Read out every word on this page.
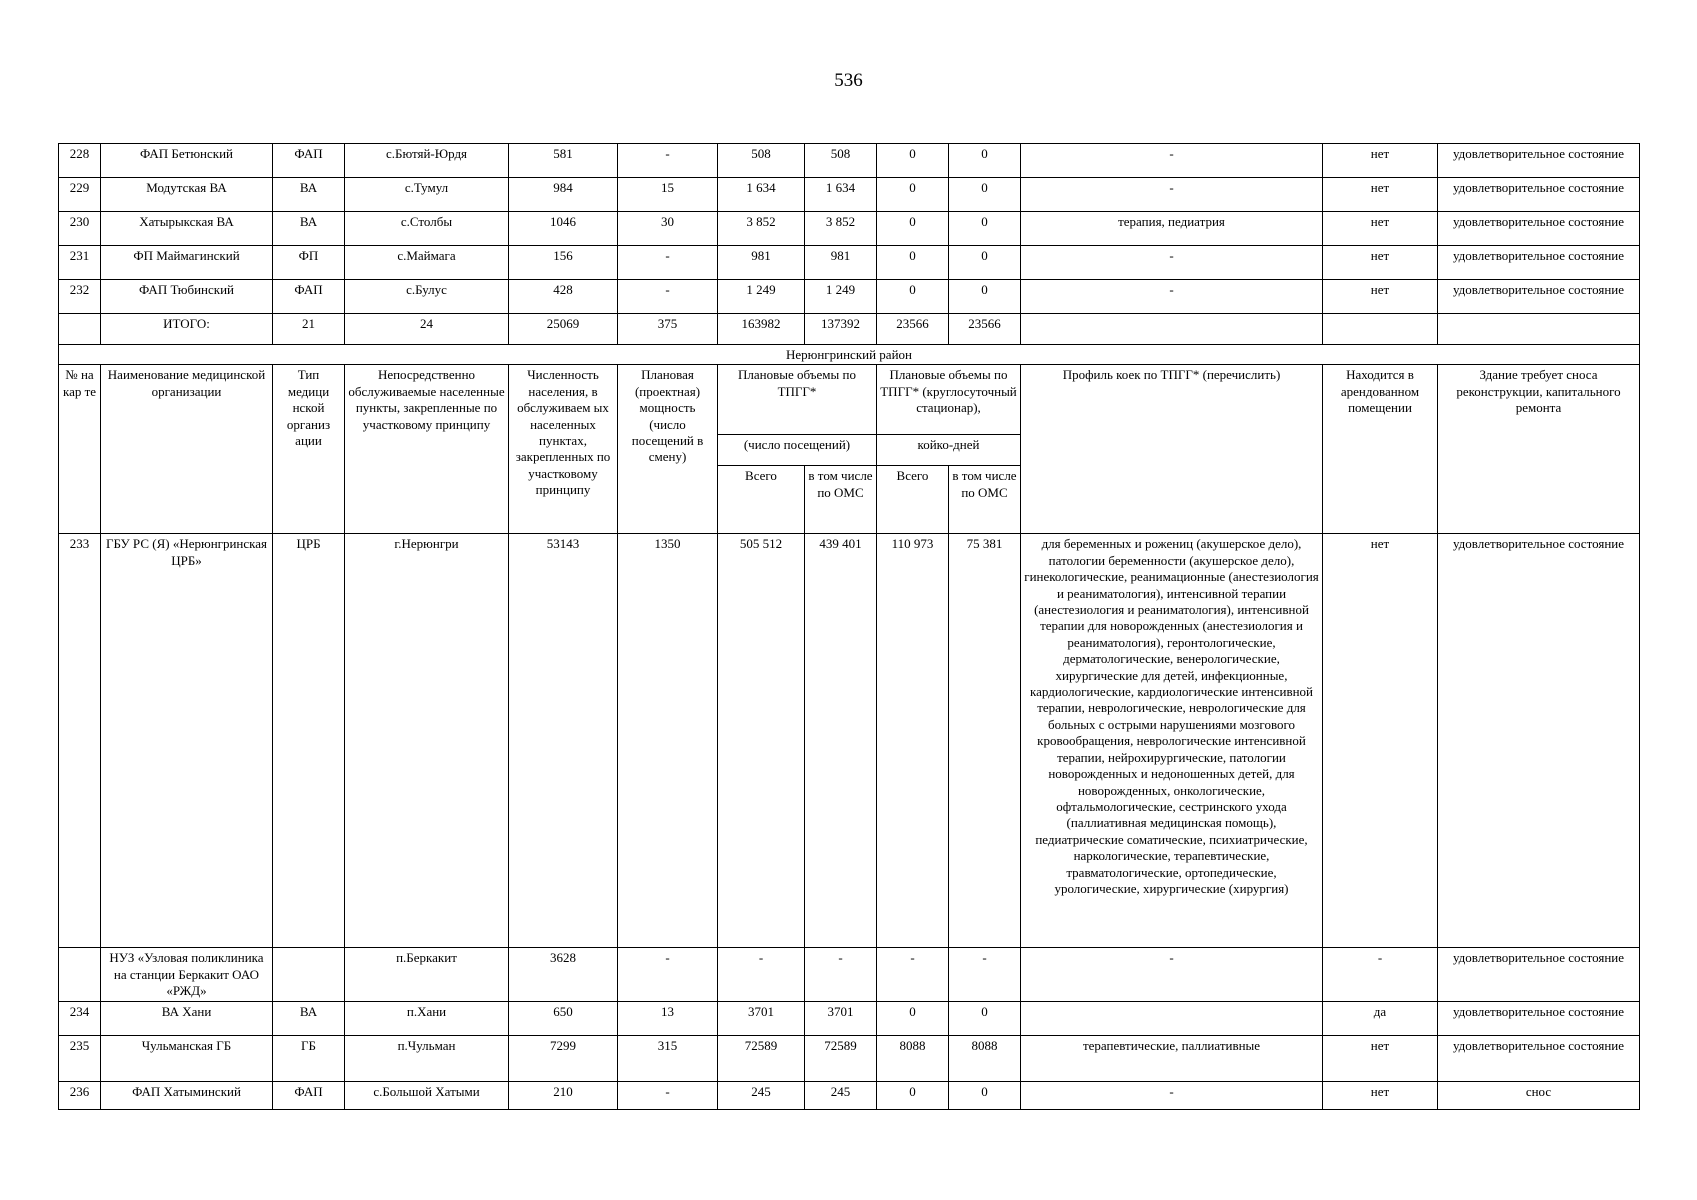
536
228	ФАП Бетюнский	ФАП	с.Бютяй-Юрдя	581	-	508	508	0	0	-	нет	удовлетворительное состояние
229	Модутская ВА	ВА	с.Тумул	984	15	1 634	1 634	0	0	-	нет	удовлетворительное состояние
230	Хатырыкская ВА	ВА	с.Столбы	1046	30	3 852	3 852	0	0	терапия, педиатрия	нет	удовлетворительное состояние
231	ФП Маймагинский	ФП	с.Маймага	156	-	981	981	0	0	-	нет	удовлетворительное состояние
232	ФАП Тюбинский	ФАП	с.Булус	428	-	1 249	1 249	0	0	-	нет	удовлетворительное состояние
	ИТОГО:	21	24	25069	375	163982	137392	23566	23566			
Нерюнгринский район												
№ на кар те	Наименование медицинской организации	Тип медици нской организ ации	Непосредственно обслуживаемые населенные пункты, закрепленные по участковому принципу	Численность населения, в обслуживаем ых населенных пунктах, закрепленных по участковому принципу	Плановая (проектная) мощность (число посещений в смену)	Плановые объемы по ТПГГ*		Плановые объемы по ТПГГ* (круглосуточный стационар),		Профиль коек по ТПГГ* (перечислить)	Находится в арендованном помещении	Здание требует сноса реконструкции, капитального ремонта
						(число посещений)		койко-дней				
						Всего	в том числе по ОМС	Всего	в том числе по ОМС			
233	ГБУ РС (Я) «Нерюнгринская ЦРБ»	ЦРБ	г.Нерюнгри	53143	1350	505 512	439 401	110 973	75 381	для беременных и рожениц (акушерское дело), патологии беременности (акушерское дело), гинекологические, реанимационные (анестезиология и реаниматология), интенсивной терапии (анестезиология и реаниматология), интенсивной терапии для новорожденных (анестезиология и реаниматология), геронтологические, дерматологические, венерологические, хирургические для детей, инфекционные, кардиологические, кардиологические интенсивной терапии, неврологические, неврологические для больных с острыми нарушениями мозгового кровообращения, неврологические интенсивной терапии, нейрохирургические, патологии новорожденных и недоношенных детей, для новорожденных, онкологические, офтальмологические, сестринского ухода (паллиативная медицинская помощь), педиатрические соматические, психиатрические, наркологические, терапевтические, травматологические, ортопедические, урологические, хирургические (хирургия)	нет	удовлетворительное состояние
	НУЗ «Узловая поликлиника на станции Беркакит ОАО «РЖД»		п.Беркакит	3628	-	-	-	-	-	-	-	удовлетворительное состояние
234	ВА Хани	ВА	п.Хани	650	13	3701	3701	0	0		да	удовлетворительное состояние
235	Чульманская ГБ	ГБ	п.Чульман	7299	315	72589	72589	8088	8088	терапевтические, паллиативные	нет	удовлетворительное состояние
236	ФАП Хатыминский	ФАП	с.Большой Хатыми	210	-	245	245	0	0	-	нет	снос
